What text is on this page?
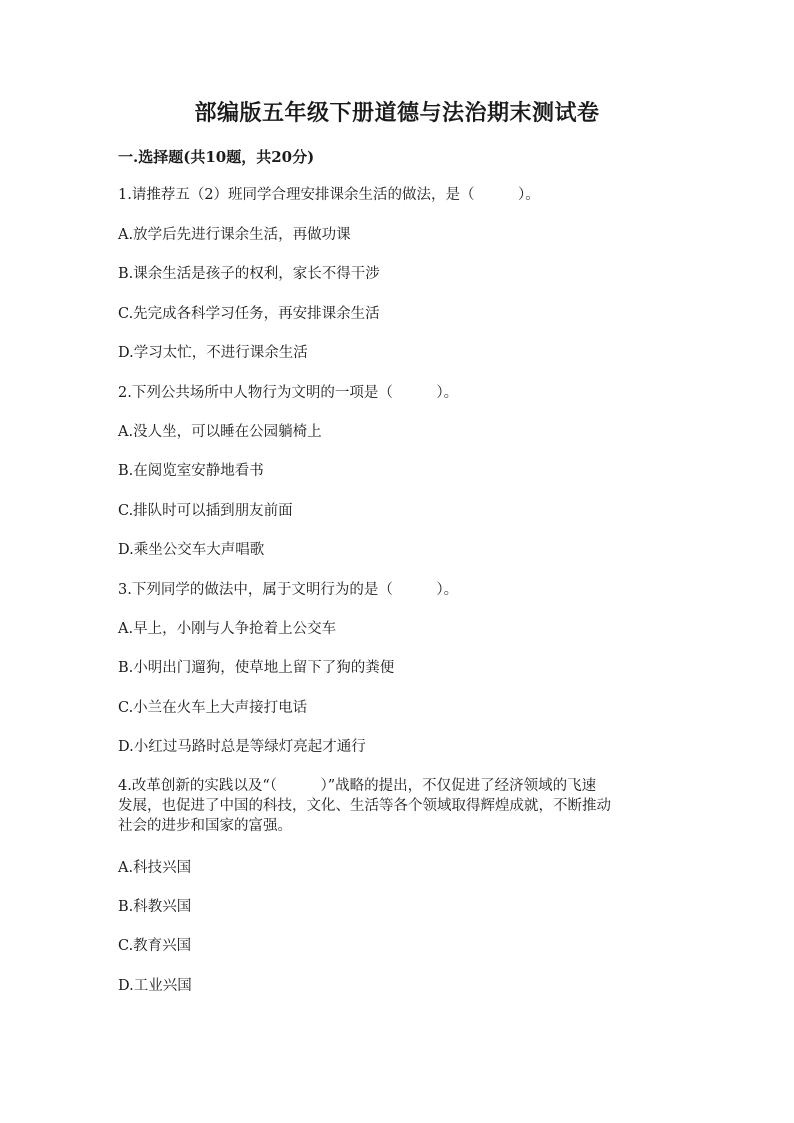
部编版五年级下册道德与法治期末测试卷
一.选择题(共10题，共20分)
1.请推荐五（2）班同学合理安排课余生活的做法，是（　　　）。
A.放学后先进行课余生活，再做功课
B.课余生活是孩子的权利，家长不得干涉
C.先完成各科学习任务，再安排课余生活
D.学习太忙，不进行课余生活
2.下列公共场所中人物行为文明的一项是（　　　）。
A.没人坐，可以睡在公园躺椅上
B.在阅览室安静地看书
C.排队时可以插到朋友前面
D.乘坐公交车大声唱歌
3.下列同学的做法中，属于文明行为的是（　　　）。
A.早上，小刚与人争抢着上公交车
B.小明出门遛狗，使草地上留下了狗的粪便
C.小兰在火车上大声接打电话
D.小红过马路时总是等绿灯亮起才通行
4.改革创新的实践以及“（　　　）”战略的提出，不仅促进了经济领域的飞速
发展，也促进了中国的科技，文化、生活等各个领域取得辉煌成就，不断推动
社会的进步和国家的富强。
A.科技兴国
B.科教兴国
C.教育兴国
D.工业兴国
